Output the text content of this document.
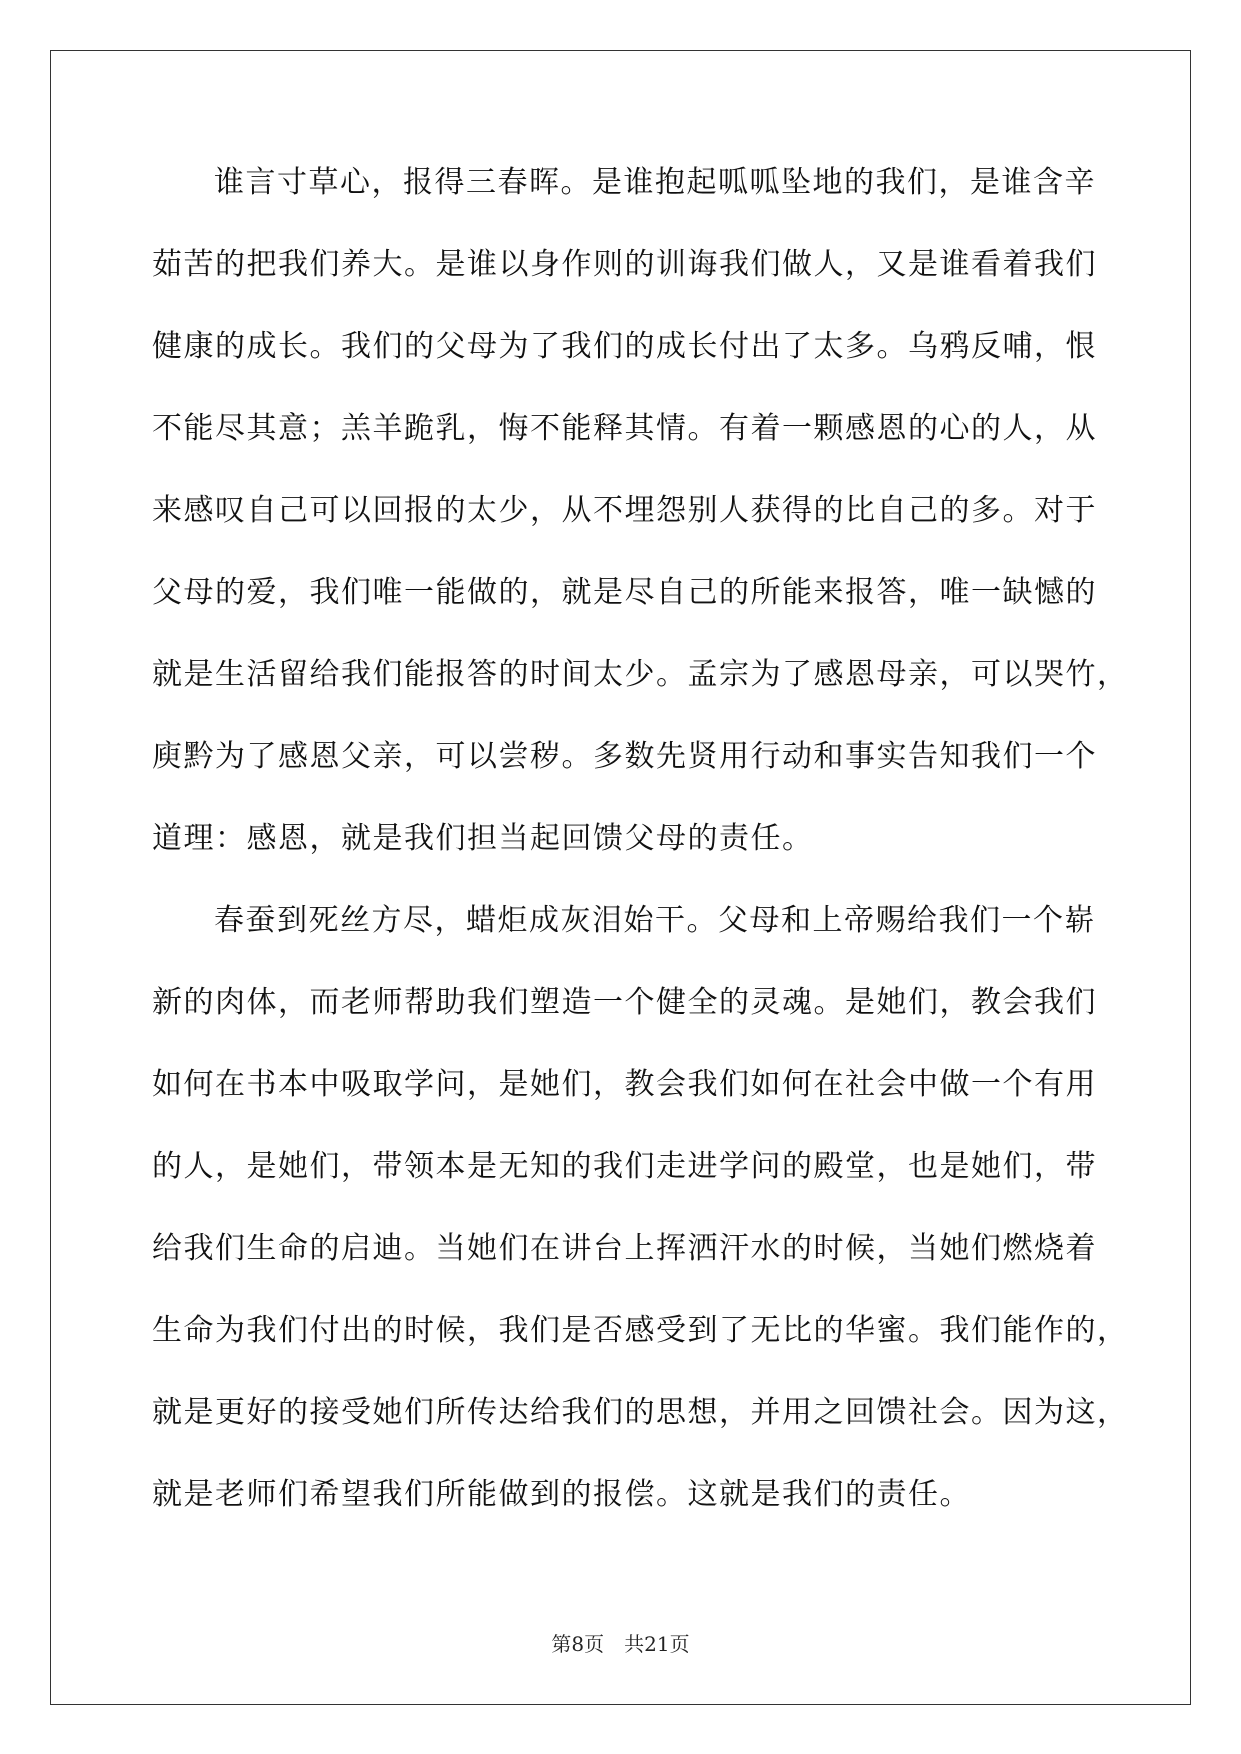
谁言寸草心，报得三春晖。是谁抱起呱呱坠地的我们，是谁含辛
茹苦的把我们养大。是谁以身作则的训诲我们做人，又是谁看着我们
健康的成长。我们的父母为了我们的成长付出了太多。乌鸦反哺，恨
不能尽其意；羔羊跪乳，悔不能释其情。有着一颗感恩的心的人，从
来感叹自己可以回报的太少，从不埋怨别人获得的比自己的多。对于
父母的爱，我们唯一能做的，就是尽自己的所能来报答，唯一缺憾的
就是生活留给我们能报答的时间太少。孟宗为了感恩母亲，可以哭竹，
庾黔为了感恩父亲，可以尝秽。多数先贤用行动和事实告知我们一个
道理：感恩，就是我们担当起回馈父母的责任。

春蚕到死丝方尽，蜡炬成灰泪始干。父母和上帝赐给我们一个崭
新的肉体，而老师帮助我们塑造一个健全的灵魂。是她们，教会我们
如何在书本中吸取学问，是她们，教会我们如何在社会中做一个有用
的人，是她们，带领本是无知的我们走进学问的殿堂，也是她们，带
给我们生命的启迪。当她们在讲台上挥洒汗水的时候，当她们燃烧着
生命为我们付出的时候，我们是否感受到了无比的华蜜。我们能作的，
就是更好的接受她们所传达给我们的思想，并用之回馈社会。因为这，
就是老师们希望我们所能做到的报偿。这就是我们的责任。

第8页 共21页
